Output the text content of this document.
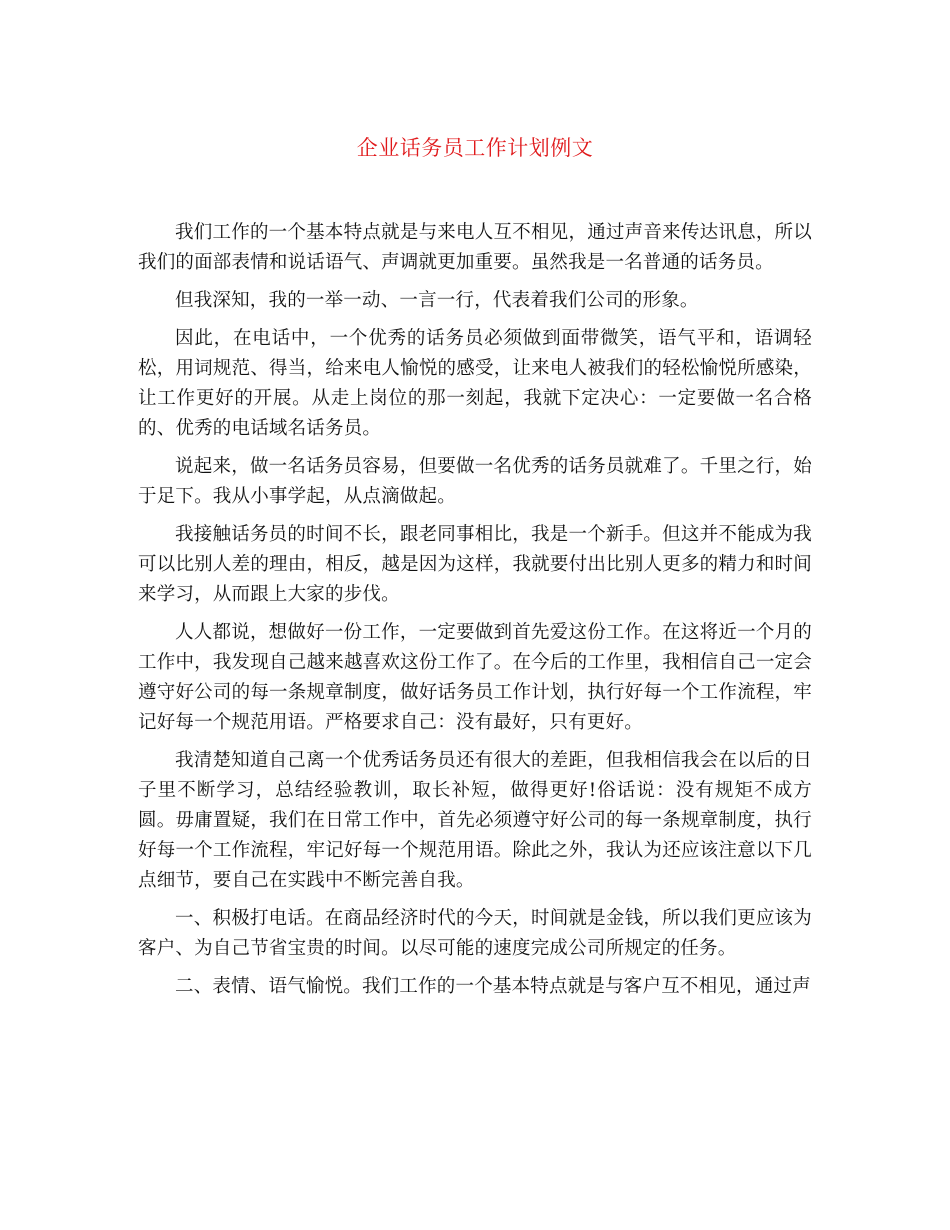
企业话务员工作计划例文

我们工作的一个基本特点就是与来电人互不相见，通过声音来传达讯息，所以我们的面部表情和说话语气、声调就更加重要。虽然我是一名普通的话务员。

但我深知，我的一举一动、一言一行，代表着我们公司的形象。

因此，在电话中，一个优秀的话务员必须做到面带微笑，语气平和，语调轻松，用词规范、得当，给来电人愉悦的感受，让来电人被我们的轻松愉悦所感染，让工作更好的开展。从走上岗位的那一刻起，我就下定决心：一定要做一名合格的、优秀的电话域名话务员。

说起来，做一名话务员容易，但要做一名优秀的话务员就难了。千里之行，始于足下。我从小事学起，从点滴做起。

我接触话务员的时间不长，跟老同事相比，我是一个新手。但这并不能成为我可以比别人差的理由，相反，越是因为这样，我就要付出比别人更多的精力和时间来学习，从而跟上大家的步伐。

人人都说，想做好一份工作，一定要做到首先爱这份工作。在这将近一个月的工作中，我发现自己越来越喜欢这份工作了。在今后的工作里，我相信自己一定会遵守好公司的每一条规章制度，做好话务员工作计划，执行好每一个工作流程，牢记好每一个规范用语。严格要求自己：没有最好，只有更好。

我清楚知道自己离一个优秀话务员还有很大的差距，但我相信我会在以后的日子里不断学习，总结经验教训，取长补短，做得更好!俗话说：没有规矩不成方圆。毋庸置疑，我们在日常工作中，首先必须遵守好公司的每一条规章制度，执行好每一个工作流程，牢记好每一个规范用语。除此之外，我认为还应该注意以下几点细节，要自己在实践中不断完善自我。

一、积极打电话。在商品经济时代的今天，时间就是金钱，所以我们更应该为客户、为自己节省宝贵的时间。以尽可能的速度完成公司所规定的任务。

二、表情、语气愉悦。我们工作的一个基本特点就是与客户互不相见，通过声
